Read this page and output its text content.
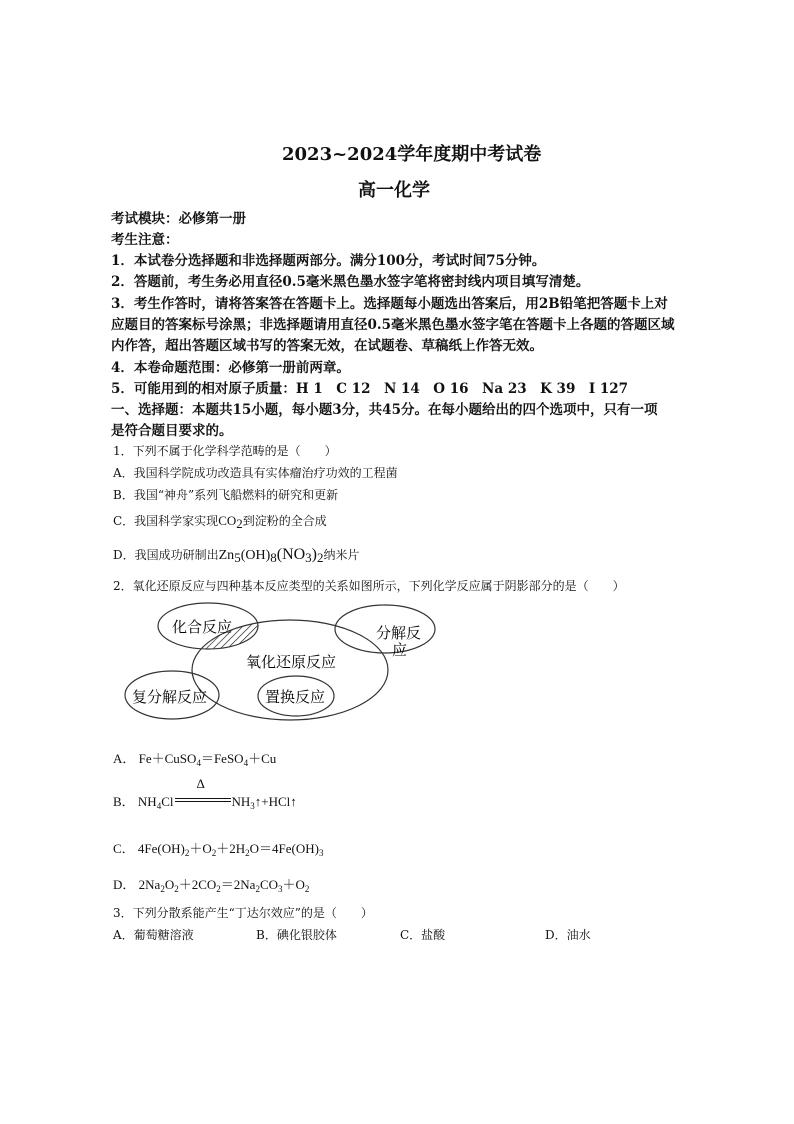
2023~2024学年度期中考试卷
高一化学
考试模块：必修第一册
考生注意：
1．本试卷分选择题和非选择题两部分。满分100分，考试时间75分钟。
2．答题前，考生务必用直径0.5毫米黑色墨水签字笔将密封线内项目填写清楚。
3．考生作答时，请将答案答在答题卡上。选择题每小题选出答案后，用2B铅笔把答题卡上对
应题目的答案标号涂黑；非选择题请用直径0.5毫米黑色墨水签字笔在答题卡上各题的答题区域
内作答，超出答题区域书写的答案无效，在试题卷、草稿纸上作答无效。
4．本卷命题范围：必修第一册前两章。
5．可能用到的相对原子质量：H 1　C 12　N 14　O 16　Na 23　K 39　I 127
一、选择题：本题共15小题，每小题3分，共45分。在每小题给出的四个选项中，只有一项
是符合题目要求的。
1．下列不属于化学科学范畴的是（　　）
A．我国科学院成功改造具有实体瘤治疗功效的工程菌
B．我国“神舟”系列飞船燃料的研究和更新
C．我国科学家实现$CO_2$到淀粉的全合成
D．我国成功研制出$Zn_5(OH)_8(NO_3)_2$纳米片
2．氧化还原反应与四种基本反应类型的关系如图所示，下列化学反应属于阴影部分的是（　　）
化合反应	分解反
应
氧化还原反应
复分解反应	置换反应
A． Fe＋CuSO$_4$＝FeSO$_4$＋Cu
B． $NH_4Cl$
Δ
$NH_3↑+HCl↑$
C． $4Fe(OH)_2+O_2+2H_2O=4Fe(OH)_3$
D． $2Na_2O_2+2CO_2=2Na_2CO_3+O_2$
3．下列分散系能产生“丁达尔效应”的是（　　）
A．葡萄糖溶液	B．碘化银胶体	C．盐酸	D．油水
